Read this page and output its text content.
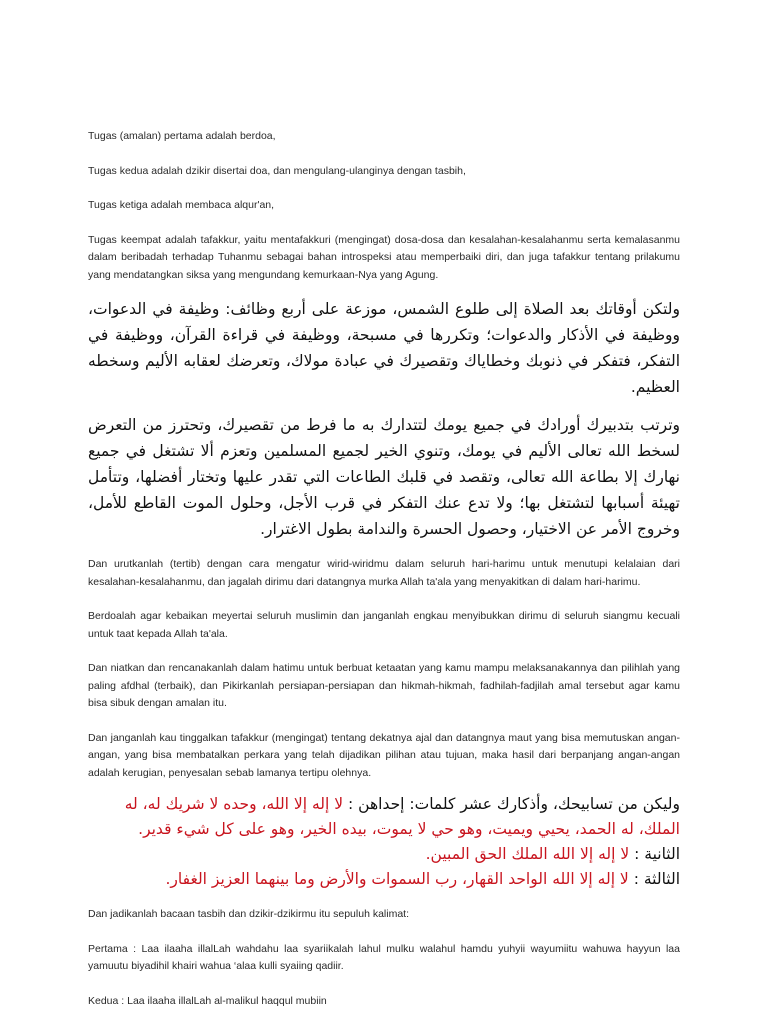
Tugas (amalan) pertama adalah berdoa,

Tugas kedua adalah dzikir disertai doa, dan mengulang-ulanginya dengan tasbih,

Tugas ketiga adalah membaca alqur'an,

Tugas keempat adalah tafakkur, yaitu mentafakkuri (mengingat) dosa-dosa dan kesalahan-kesalahanmu serta kemalasanmu dalam beribadah terhadap Tuhanmu sebagai bahan introspeksi atau memperbaiki diri, dan juga tafakkur tentang prilakumu yang mendatangkan siksa yang mengundang kemurkaan-Nya yang Agung.

ولتكن أوقاتك بعد الصلاة إلى طلوع الشمس، موزعة على أربع وظائف: وظيفة في الدعوات، ووظيفة في الأذكار والدعوات؛ وتكررها في مسبحة، ووظيفة في قراءة القرآن، ووظيفة في التفكر، فتفكر في ذنوبك وخطاياك وتقصيرك في عبادة مولاك، وتعرضك لعقابه الأليم وسخطه العظيم.

وترتب بتدبيرك أورادك في جميع يومك لتتدارك به ما فرط من تقصيرك، وتحترز من التعرض لسخط الله تعالى الأليم في يومك، وتنوي الخير لجميع المسلمين وتعزم ألا تشتغل في جميع نهارك إلا بطاعة الله تعالى، وتقصد في قلبك الطاعات التي تقدر عليها وتختار أفضلها، وتتأمل تهيئة أسبابها لتشتغل بها؛ ولا تدع عنك التفكر في قرب الأجل، وحلول الموت القاطع للأمل، وخروج الأمر عن الاختيار، وحصول الحسرة والندامة بطول الاغترار.

Dan urutkanlah (tertib) dengan cara mengatur wirid-wiridmu dalam seluruh hari-harimu untuk menutupi kelalaian dari kesalahan-kesalahanmu, dan jagalah dirimu dari datangnya murka Allah ta'ala yang menyakitkan di dalam hari-harimu.

Berdoalah agar kebaikan meyertai seluruh muslimin dan janganlah engkau menyibukkan dirimu di seluruh siangmu kecuali untuk taat kepada Allah ta'ala.

Dan niatkan dan rencanakanlah dalam hatimu untuk berbuat ketaatan yang kamu mampu melaksanakannya dan pilihlah yang paling afdhal (terbaik), dan Pikirkanlah persiapan-persiapan dan hikmah-hikmah, fadhilah-fadjilah amal tersebut agar kamu bisa sibuk dengan amalan itu.

Dan janganlah kau tinggalkan tafakkur (mengingat) tentang dekatnya ajal dan datangnya maut yang bisa memutuskan angan-angan, yang bisa membatalkan perkara yang telah dijadikan pilihan atau tujuan, maka hasil dari berpanjang angan-angan adalah kerugian, penyesalan sebab lamanya tertipu olehnya.

وليكن من تسابيحك، وأذكارك عشر كلمات: إحداهن : لا إله إلا الله، وحده لا شريك له، له الملك، له الحمد، يحيي ويميت، وهو حي لا يموت، بيده الخير، وهو على كل شيء قدير.

الثانية : لا إله إلا الله الملك الحق المبين.

الثالثة : لا إله إلا الله الواحد القهار، رب السموات والأرض وما بينهما العزيز الغفار.

Dan jadikanlah bacaan tasbih dan dzikir-dzikirmu itu sepuluh kalimat:

Pertama : Laa ilaaha illalLah wahdahu laa syariikalah lahul mulku walahul hamdu yuhyii wayumiitu wahuwa hayyun laa yamuutu biyadihil khairi wahua ‘alaa kulli syaiing qadiir.

Kedua : Laa ilaaha illalLah al-malikul haqqul mubiin
